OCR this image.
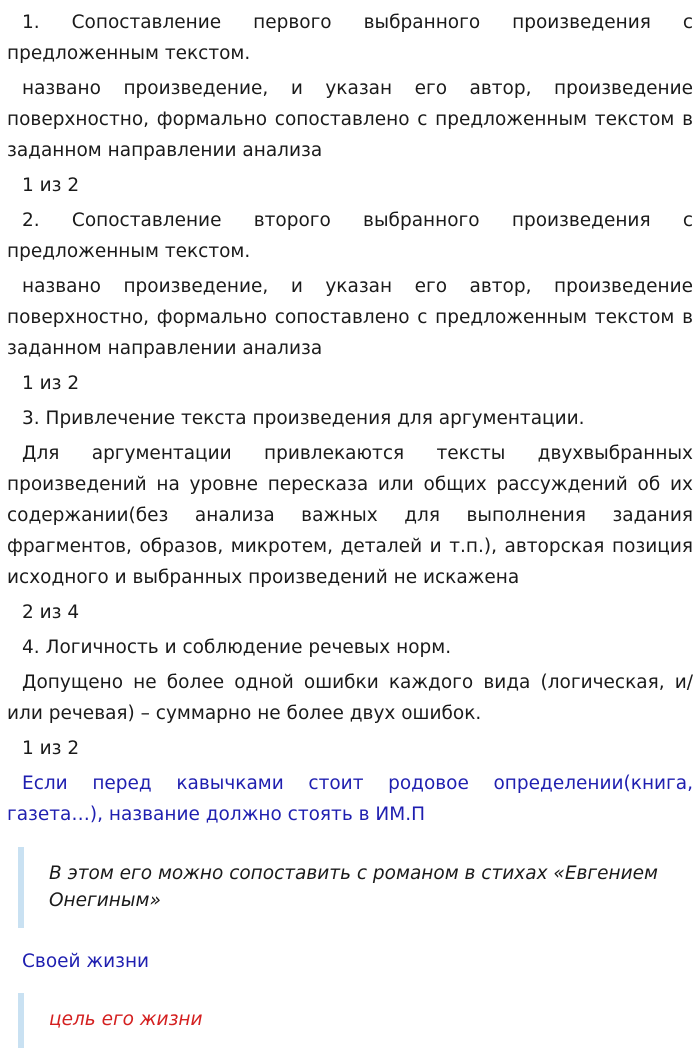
1. Сопоставление первого выбранного произведения с предложенным текстом.

названо произведение, и указан его автор, произведение поверхностно, формально сопоставлено с предложенным текстом в заданном направлении анализа

1 из 2

2. Сопоставление второго выбранного произведения с предложенным текстом.

названо произведение, и указан его автор, произведение поверхностно, формально сопоставлено с предложенным текстом в заданном направлении анализа

1 из 2

3. Привлечение текста произведения для аргументации.

Для аргументации привлекаются тексты двухвыбранных произведений на уровне пересказа или общих рассуждений об их содержании(без анализа важных для выполнения задания фрагментов, образов, микротем, деталей и т.п.), авторская позиция исходного и выбранных произведений не искажена

2 из 4

4. Логичность и соблюдение речевых норм.

Допущено не более одной ошибки каждого вида (логическая, и/или речевая) – суммарно не более двух ошибок.

1 из 2

Если перед кавычками стоит родовое определении(книга, газета…), название должно стоять в ИМ.П

В этом его можно сопоставить с романом в стихах «Евгением Онегиным»

Своей жизни

цель его жизни
